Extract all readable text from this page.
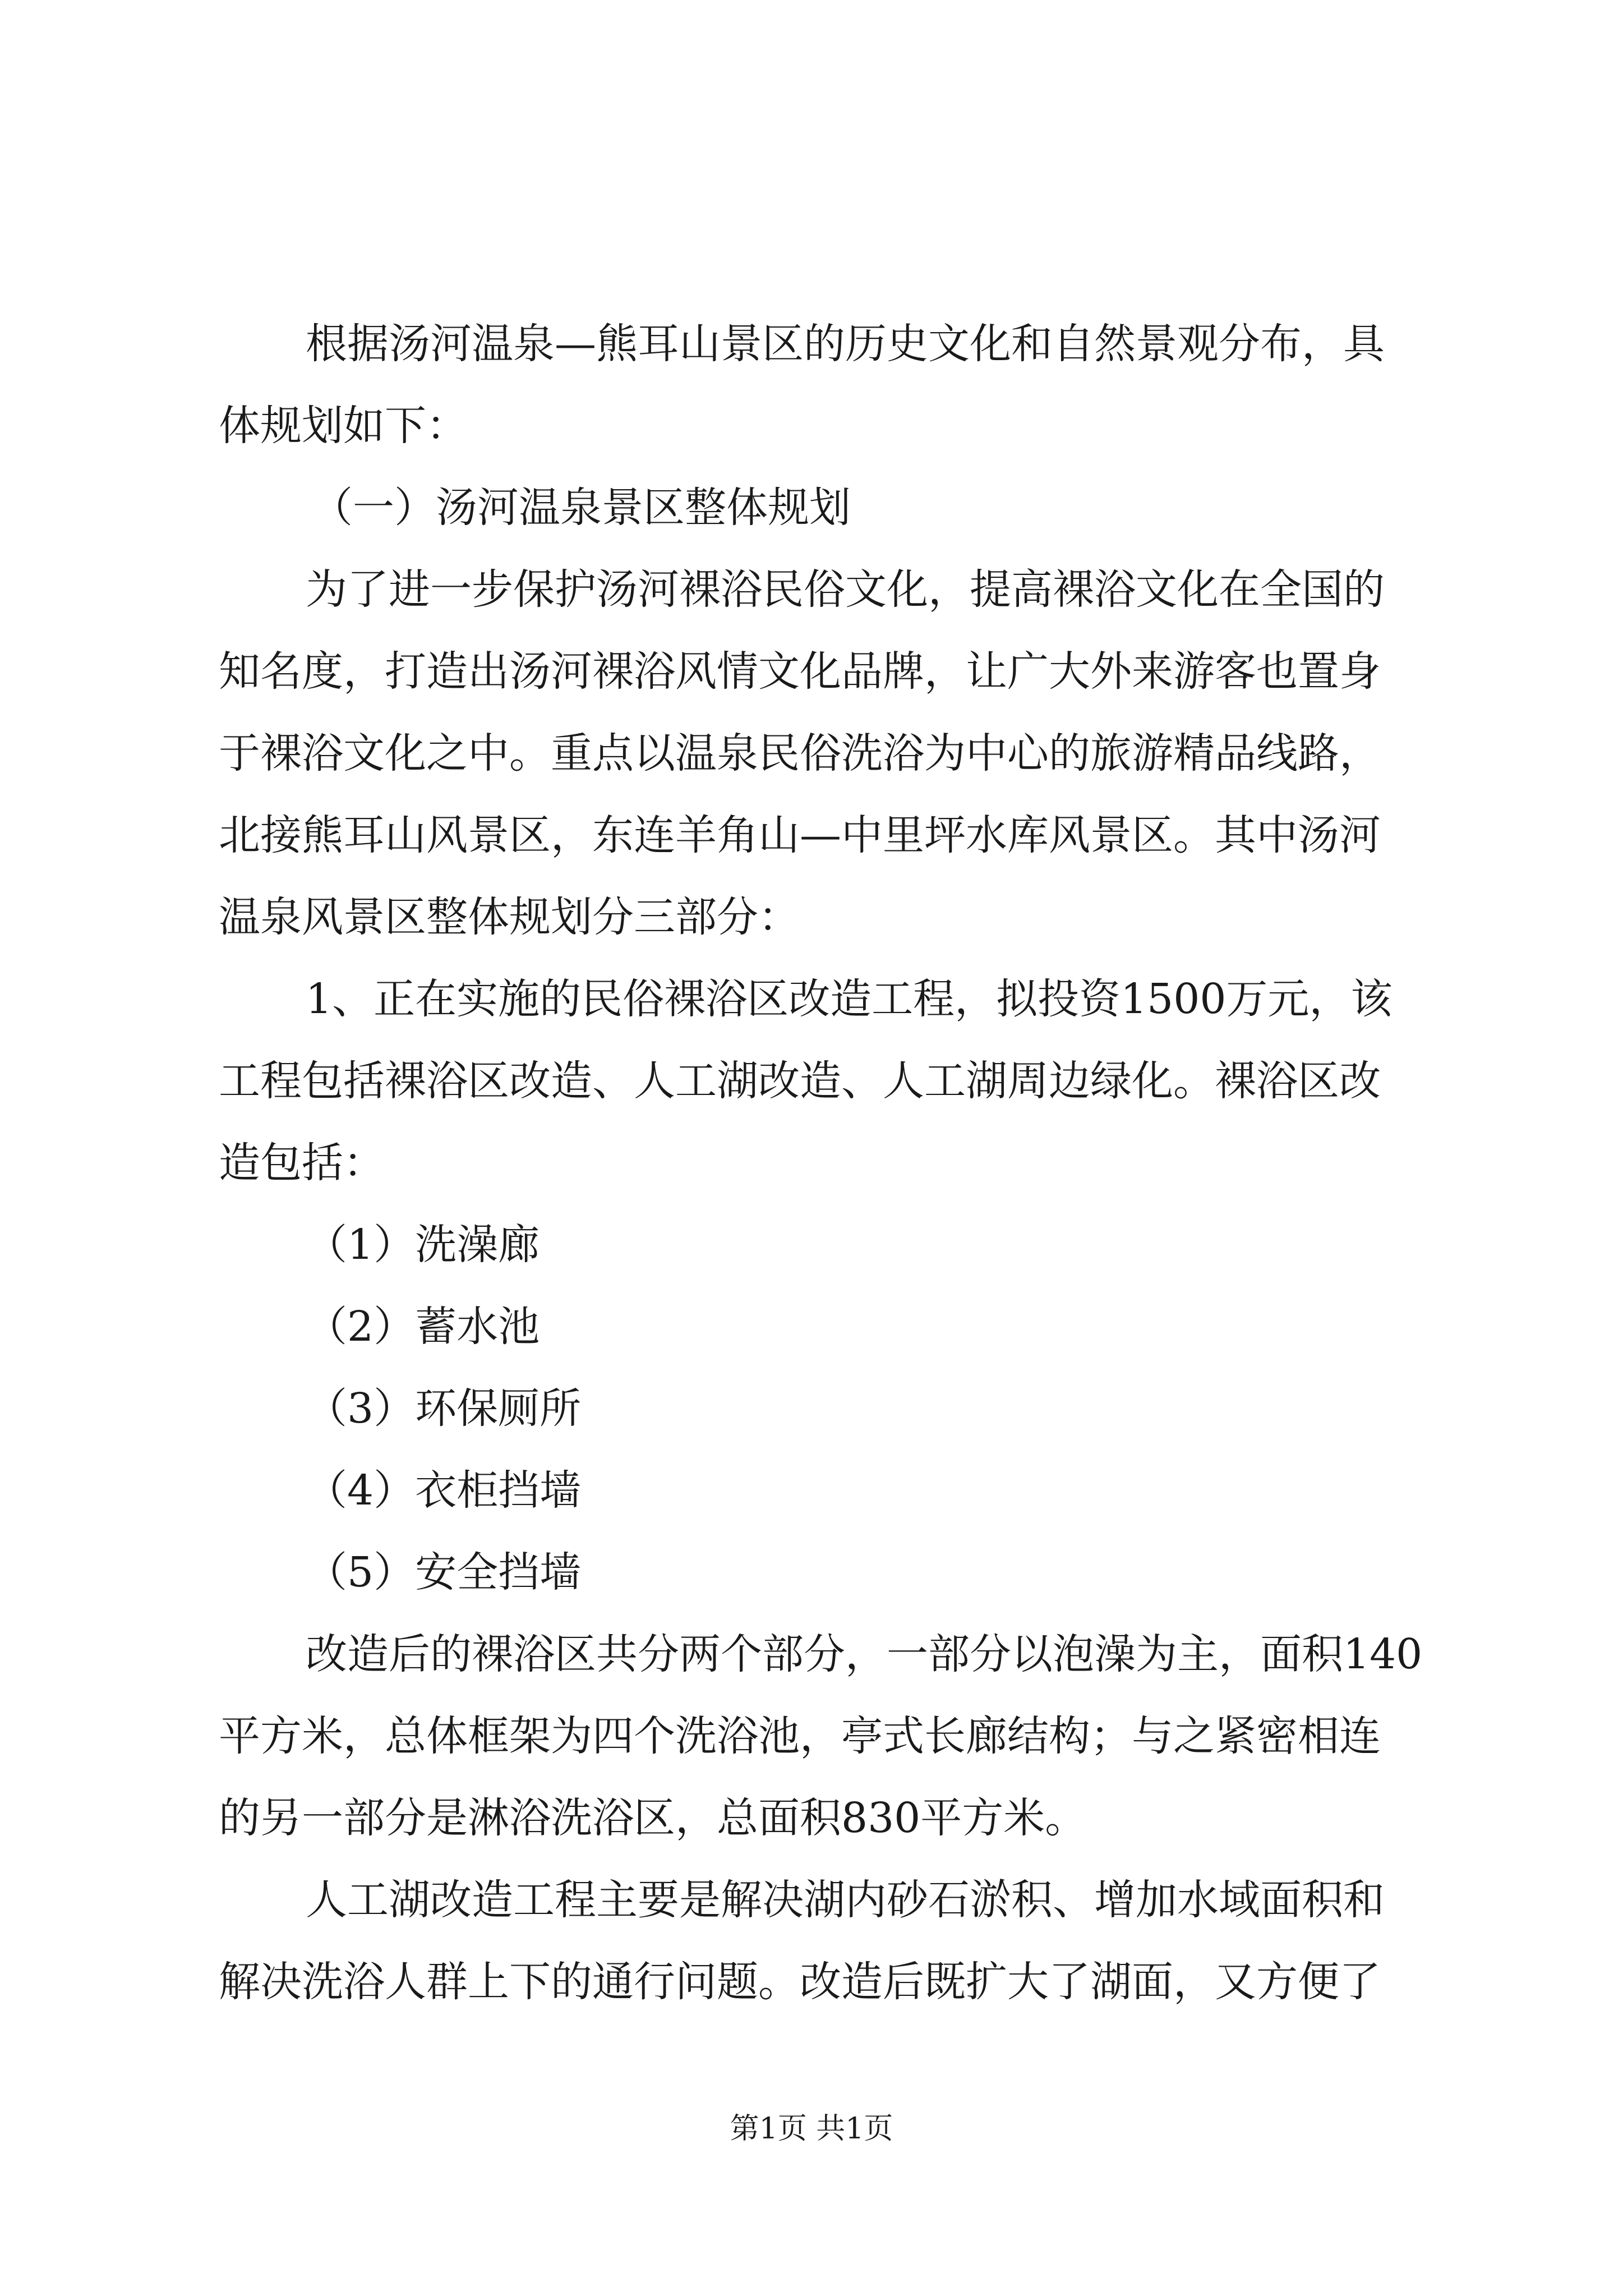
根据汤河温泉—熊耳山景区的历史文化和自然景观分布，具

体规划如下：

（一）汤河温泉景区整体规划

为了进一步保护汤河裸浴民俗文化，提高裸浴文化在全国的

知名度，打造出汤河裸浴风情文化品牌，让广大外来游客也置身

于裸浴文化之中。重点以温泉民俗洗浴为中心的旅游精品线路，

北接熊耳山风景区，东连羊角山—中里坪水库风景区。其中汤河

温泉风景区整体规划分三部分：

1、正在实施的民俗裸浴区改造工程，拟投资1500万元，该

工程包括裸浴区改造、人工湖改造、人工湖周边绿化。裸浴区改

造包括：

（1）洗澡廊

（2）蓄水池

（3）环保厕所

（4）衣柜挡墙

（5）安全挡墙

改造后的裸浴区共分两个部分，一部分以泡澡为主，面积140

平方米，总体框架为四个洗浴池，亭式长廊结构；与之紧密相连

的另一部分是淋浴洗浴区，总面积830平方米。

人工湖改造工程主要是解决湖内砂石淤积、增加水域面积和

解决洗浴人群上下的通行问题。改造后既扩大了湖面，又方便了

第1页 共1页
